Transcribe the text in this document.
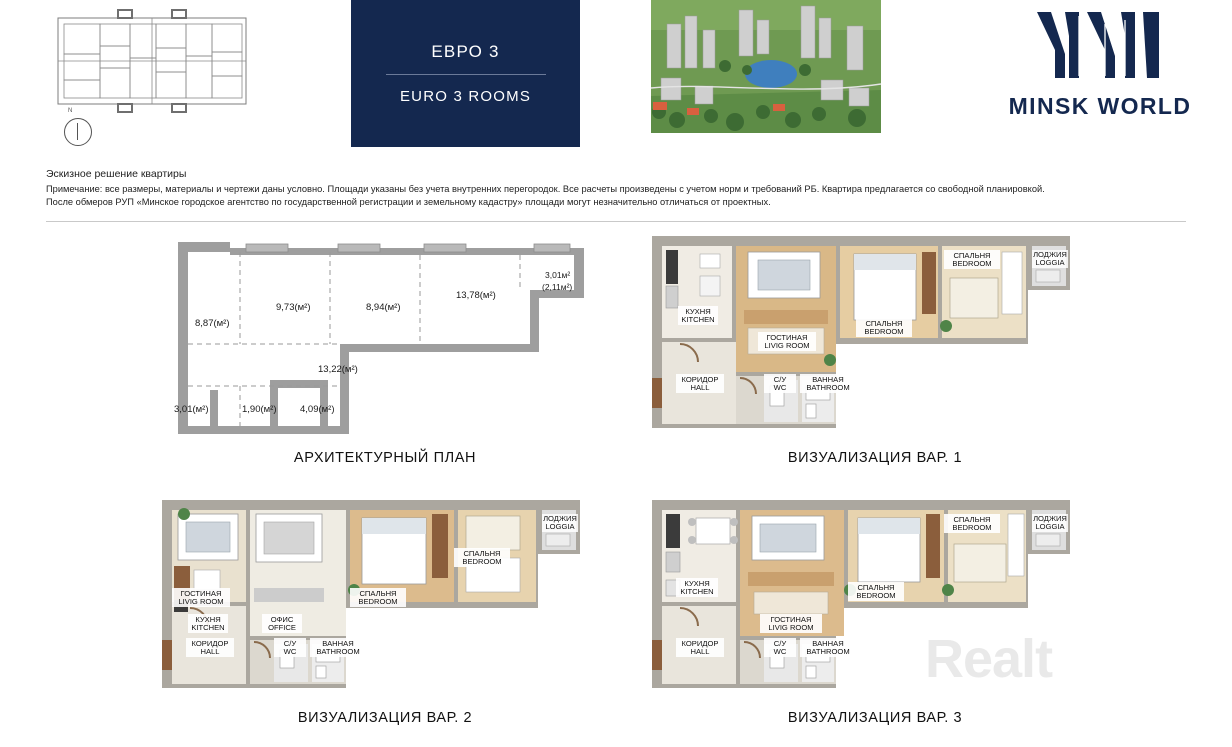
N
ЕВРО 3
EURO 3 ROOMS	MINSK WORLD
Эскизное решение квартиры
Примечание: все размеры, материалы и чертежи даны условно. Площади указаны без учета внутренних перегородок. Все расчеты произведены с учетом норм и требований РБ. Квартира предлагается со свободной планировкой.
После обмеров РУП «Минское городское агентство по государственной регистрации и земельному кадастру» площади могут незначительно отличаться от проектных.
8,87(м²)
9,73(м²)	8,94(м²)
13,78(м²)
3,01м²
(2,11м²)
13,22(м²)
3,01(м²)	1,90(м²) 4,09(м²)
АРХИТЕКТУРНЫЙ ПЛАН
КУХНЯ
KITCHEN
ГОСТИНАЯ
LIVIG ROOM
СПАЛЬНЯ
BEDROOM
СПАЛЬНЯ
BEDROOM
ЛОДЖИЯ
LOGGIA
КОРИДОР
HALL
С/У
WC
ВАННАЯ
BATHROOM
ВИЗУАЛИЗАЦИЯ ВАР. 1
ГОСТИНАЯ
LIVIG ROOM
КУХНЯ
KITCHEN
ОФИС
OFFICE
СПАЛЬНЯ
BEDROOM
СПАЛЬНЯ
BEDROOM
ЛОДЖИЯ
LOGGIA
КОРИДОР
HALL
С/У
WC
ВАННАЯ
BATHROOM
ВИЗУАЛИЗАЦИЯ ВАР. 2
КУХНЯ
KITCHEN
ГОСТИНАЯ
LIVIG ROOM
СПАЛЬНЯ
BEDROOM
СПАЛЬНЯ
BEDROOM
ЛОДЖИЯ
LOGGIA
КОРИДОР
HALL
С/У
WC
ВАННАЯ
BATHROOM
ВИЗУАЛИЗАЦИЯ ВАР. 3
Realt
